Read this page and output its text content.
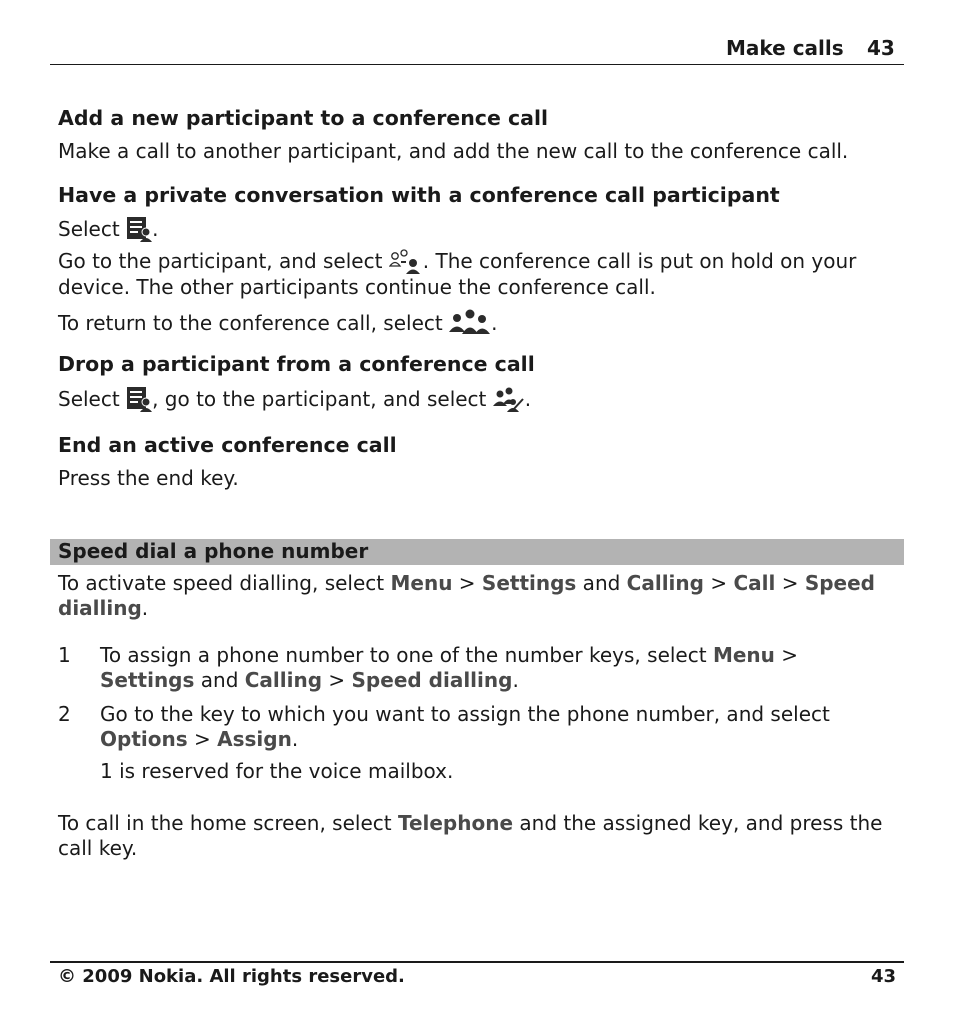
Make calls 43
Add a new participant to a conference call
Make a call to another participant, and add the new call to the conference call.
Have a private conversation with a conference call participant
Select .
Go to the participant, and select . The conference call is put on hold on your
device. The other participants continue the conference call.
To return to the conference call, select .
Drop a participant from a conference call
Select , go to the participant, and select .
End an active conference call
Press the end key.
Speed dial a phone number
To activate speed dialling, select Menu > Settings and Calling > Call > Speed
dialling.
1 To assign a phone number to one of the number keys, select Menu >
Settings and Calling > Speed dialling.
2 Go to the key to which you want to assign the phone number, and select
Options > Assign.
1 is reserved for the voice mailbox.
To call in the home screen, select Telephone and the assigned key, and press the
call key.
© 2009 Nokia. All rights reserved.	43
